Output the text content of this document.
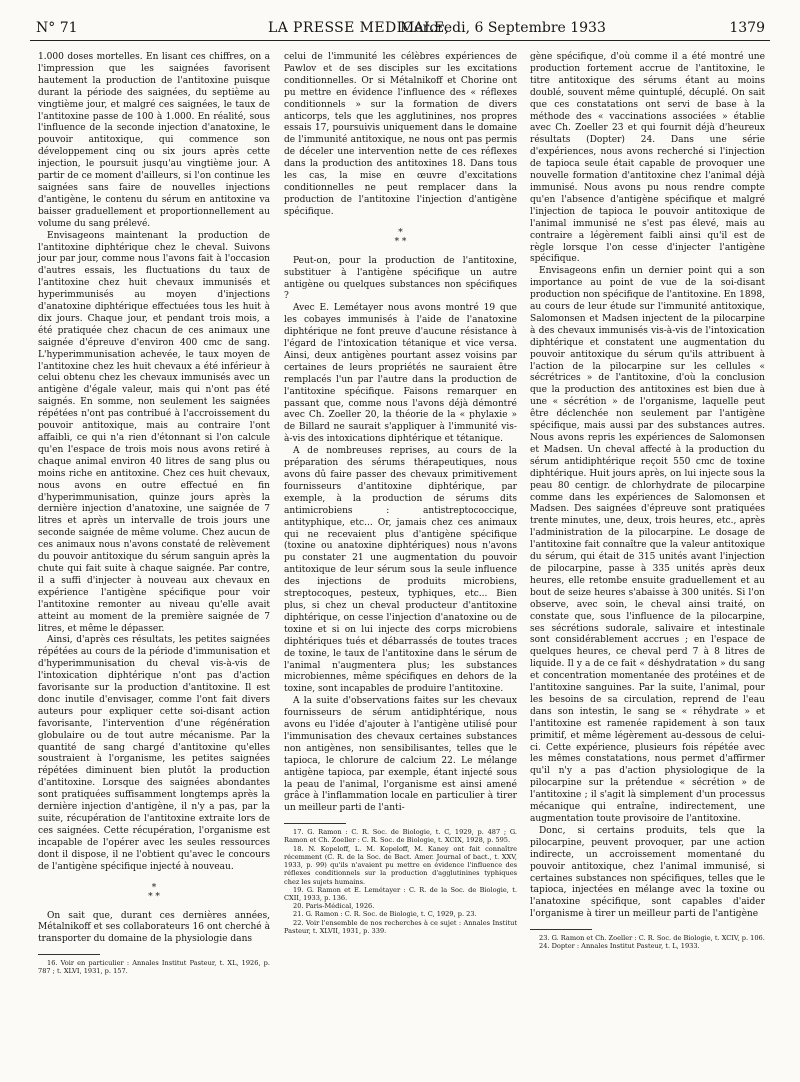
N° 71	LA PRESSE MEDICALE,
Mercredi, 6 Septembre 1933	1379

1.000 doses mortelles. En lisant ces chiffres, on a l'impression que les saignées favorisent hautement la production de l'antitoxine puisque durant la période des saignées, du septième au vingtième jour, et malgré ces saignées, le taux de l'antitoxine passe de 100 à 1.000. En réalité, sous l'influence de la seconde injection d'anatoxine, le pouvoir antitoxique, qui commence son développement cinq ou six jours après cette injection, le poursuit jusqu'au vingtième jour. A partir de ce moment d'ailleurs, si l'on continue les saignées sans faire de nouvelles injections d'antigène, le contenu du sérum en antitoxine va baisser graduellement et proportionnellement au volume du sang prélevé.

Envisageons maintenant la production de l'antitoxine diphtérique chez le cheval. Suivons jour par jour, comme nous l'avons fait à l'occasion d'autres essais, les fluctuations du taux de l'antitoxine chez huit chevaux immunisés et hyperimmunisés au moyen d'injections d'anatoxine diphtérique effectuées tous les huit à dix jours. Chaque jour, et pendant trois mois, a été pratiquée chez chacun de ces animaux une saignée d'épreuve d'environ 400 cmc de sang. L'hyperimmunisation achevée, le taux moyen de l'antitoxine chez les huit chevaux a été inférieur à celui obtenu chez les chevaux immunisés avec un antigène d'égale valeur, mais qui n'ont pas été saignés. En somme, non seulement les saignées répétées n'ont pas contribué à l'accroissement du pouvoir antitoxique, mais au contraire l'ont affaibli, ce qui n'a rien d'étonnant si l'on calcule qu'en l'espace de trois mois nous avons retiré à chaque animal environ 40 litres de sang plus ou moins riche en antitoxine. Chez ces huit chevaux, nous avons en outre effectué en fin d'hyperimmunisation, quinze jours après la dernière injection d'anatoxine, une saignée de 7 litres et après un intervalle de trois jours une seconde saignée de même volume. Chez aucun de ces animaux nous n'avons constaté de relèvement du pouvoir antitoxique du sérum sanguin après la chute qui fait suite à chaque saignée. Par contre, il a suffi d'injecter à nouveau aux chevaux en expérience l'antigène spécifique pour voir l'antitoxine remonter au niveau qu'elle avait atteint au moment de la première saignée de 7 litres, et même le dépasser.

Ainsi, d'après ces résultats, les petites saignées répétées au cours de la période d'immunisation et d'hyperimmunisation du cheval vis-à-vis de l'intoxication diphtérique n'ont pas d'action favorisante sur la production d'antitoxine. Il est donc inutile d'envisager, comme l'ont fait divers auteurs pour expliquer cette soi-disant action favorisante, l'intervention d'une régénération globulaire ou de tout autre mécanisme. Par la quantité de sang chargé d'antitoxine qu'elles soustraient à l'organisme, les petites saignées répétées diminuent bien plutôt la production d'antitoxine. Lorsque des saignées abondantes sont pratiquées suffisamment longtemps après la dernière injection d'antigène, il n'y a pas, par la suite, récupération de l'antitoxine extraite lors de ces saignées. Cette récupération, l'organisme est incapable de l'opérer avec les seules ressources dont il dispose, il ne l'obtient qu'avec le concours de l'antigène spécifique injecté à nouveau.

*
* *

On sait que, durant ces dernières années, Métalnikoff et ses collaborateurs 16 ont cherché à transporter du domaine de la physiologie dans

16. Voir en particulier : Annales Institut Pasteur, t. XL, 1926, p. 787 ; t. XLVI, 1931, p. 157.

celui de l'immunité les célèbres expériences de Pawlov et de ses disciples sur les excitations conditionnelles. Or si Métalnikoff et Chorine ont pu mettre en évidence l'influence des « réflexes conditionnels » sur la formation de divers anticorps, tels que les agglutinines, nos propres essais 17, poursuivis uniquement dans le domaine de l'immunité antitoxique, ne nous ont pas permis de déceler une intervention nette de ces réflexes dans la production des antitoxines 18. Dans tous les cas, la mise en œuvre d'excitations conditionnelles ne peut remplacer dans la production de l'antitoxine l'injection d'antigène spécifique.

*
* *

Peut-on, pour la production de l'antitoxine, substituer à l'antigène spécifique un autre antigène ou quelques substances non spécifiques ?

Avec E. Lemétayer nous avons montré 19 que les cobayes immunisés à l'aide de l'anatoxine diphtérique ne font preuve d'aucune résistance à l'égard de l'intoxication tétanique et vice versa. Ainsi, deux antigènes pourtant assez voisins par certaines de leurs propriétés ne sauraient être remplacés l'un par l'autre dans la production de l'antitoxine spécifique. Faisons remarquer en passant que, comme nous l'avons déjà démontré avec Ch. Zoeller 20, la théorie de la « phylaxie » de Billard ne saurait s'appliquer à l'immunité vis-à-vis des intoxications diphtérique et tétanique.

A de nombreuses reprises, au cours de la préparation des sérums thérapeutiques, nous avons dû faire passer des chevaux primitivement fournisseurs d'antitoxine diphtérique, par exemple, à la production de sérums dits antimicrobiens : antistreptococcique, antityphique, etc... Or, jamais chez ces animaux qui ne recevaient plus d'antigène spécifique (toxine ou anatoxine diphtériques) nous n'avons pu constater 21 une augmentation du pouvoir antitoxique de leur sérum sous la seule influence des injections de produits microbiens, streptocoques, pesteux, typhiques, etc... Bien plus, si chez un cheval producteur d'antitoxine diphtérique, on cesse l'injection d'anatoxine ou de toxine et si on lui injecte des corps microbiens diphtériques tués et débarrassés de toutes traces de toxine, le taux de l'antitoxine dans le sérum de l'animal n'augmentera plus; les substances microbiennes, même spécifiques en dehors de la toxine, sont incapables de produire l'antitoxine.

A la suite d'observations faites sur les chevaux fournisseurs de sérum antidiphtérique, nous avons eu l'idée d'ajouter à l'antigène utilisé pour l'immunisation des chevaux certaines substances non antigènes, non sensibilisantes, telles que le tapioca, le chlorure de calcium 22. Le mélange antigène tapioca, par exemple, étant injecté sous la peau de l'animal, l'organisme est ainsi amené grâce à l'inflammation locale en particulier à tirer un meilleur parti de l'anti-

17. G. Ramon : C. R. Soc. de Biologie, t. C, 1929, p. 487 ; G. Ramon et Ch. Zoeller : C. R. Soc. de Biologie, t. XCIX, 1928, p. 595.

18. N. Kopeloff, L. M. Kopeloff, M. Kaney ont fait connaître récemment (C. R. de la Soc. de Bact. Amer. Journal of bact., t. XXV, 1933, p. 99) qu'ils n'avaient pu mettre en évidence l'influence des réflexes conditionnels sur la production d'agglutinines typhiques chez les sujets humains.

19. G. Ramon et E. Lemétayer : C. R. de la Soc. de Biologie, t. CXII, 1933, p. 136.

20. Paris-Médical, 1926.

21. G. Ramon : C. R. Soc. de Biologie, t. C, 1929, p. 23.

22. Voir l'ensemble de nos recherches à ce sujet : Annales Institut Pasteur, t. XLVII, 1931, p. 339.

gène spécifique, d'où comme il a été montré une production fortement accrue de l'antitoxine, le titre antitoxique des sérums étant au moins doublé, souvent même quintuplé, décuplé. On sait que ces constatations ont servi de base à la méthode des « vaccinations associées » établie avec Ch. Zoeller 23 et qui fournit déjà d'heureux résultats (Dopter) 24. Dans une série d'expériences, nous avons recherché si l'injection de tapioca seule était capable de provoquer une nouvelle formation d'antitoxine chez l'animal déjà immunisé. Nous avons pu nous rendre compte qu'en l'absence d'antigène spécifique et malgré l'injection de tapioca le pouvoir antitoxique de l'animal immunisé ne s'est pas élevé, mais au contraire a légèrement faibli ainsi qu'il est de règle lorsque l'on cesse d'injecter l'antigène spécifique.

Envisageons enfin un dernier point qui a son importance au point de vue de la soi-disant production non spécifique de l'antitoxine. En 1898, au cours de leur étude sur l'immunité antitoxique, Salomonsen et Madsen injectent de la pilocarpine à des chevaux immunisés vis-à-vis de l'intoxication diphtérique et constatent une augmentation du pouvoir antitoxique du sérum qu'ils attribuent à l'action de la pilocarpine sur les cellules « sécrétrices » de l'antitoxine, d'où la conclusion que la production des antitoxines est bien due à une « sécrétion » de l'organisme, laquelle peut être déclenchée non seulement par l'antigène spécifique, mais aussi par des substances autres. Nous avons repris les expériences de Salomonsen et Madsen. Un cheval affecté à la production du sérum antidiphtérique reçoit 550 cmc de toxine diphtérique. Huit jours après, on lui injecte sous la peau 80 centigr. de chlorhydrate de pilocarpine comme dans les expériences de Salomonsen et Madsen. Des saignées d'épreuve sont pratiquées trente minutes, une, deux, trois heures, etc., après l'administration de la pilocarpine. Le dosage de l'antitoxine fait connaître que la valeur antitoxique du sérum, qui était de 315 unités avant l'injection de pilocarpine, passe à 335 unités après deux heures, elle retombe ensuite graduellement et au bout de seize heures s'abaisse à 300 unités. Si l'on observe, avec soin, le cheval ainsi traité, on constate que, sous l'influence de la pilocarpine, ses sécrétions sudorale, salivaire et intestinale sont considérablement accrues ; en l'espace de quelques heures, ce cheval perd 7 à 8 litres de liquide. Il y a de ce fait « déshydratation » du sang et concentration momentanée des protéines et de l'antitoxine sanguines. Par la suite, l'animal, pour les besoins de sa circulation, reprend de l'eau dans son intestin, le sang se « réhydrate » et l'antitoxine est ramenée rapidement à son taux primitif, et même légèrement au-dessous de celui-ci. Cette expérience, plusieurs fois répétée avec les mêmes constatations, nous permet d'affirmer qu'il n'y a pas d'action physiologique de la pilocarpine sur la prétendue « sécrétion » de l'antitoxine ; il s'agit là simplement d'un processus mécanique qui entraîne, indirectement, une augmentation toute provisoire de l'antitoxine.

Donc, si certains produits, tels que la pilocarpine, peuvent provoquer, par une action indirecte, un accroissement momentané du pouvoir antitoxique, chez l'animal immunisé, si certaines substances non spécifiques, telles que le tapioca, injectées en mélange avec la toxine ou l'anatoxine spécifique, sont capables d'aider l'organisme à tirer un meilleur parti de l'antigène

23. G. Ramon et Ch. Zoeller : C. R. Soc. de Biologie, t. XCIV, p. 106.

24. Dopter : Annales Institut Pasteur, t. L, 1933.
